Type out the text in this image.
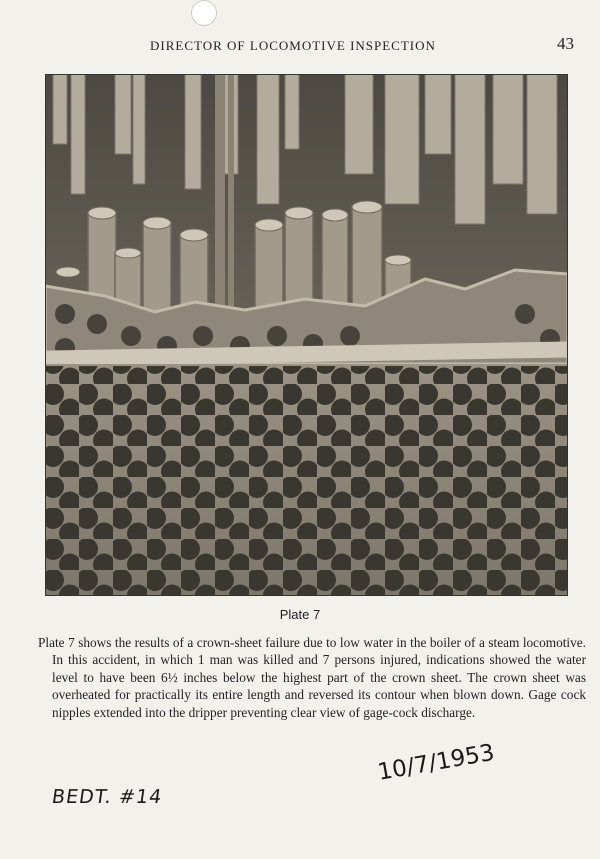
DIRECTOR OF LOCOMOTIVE INSPECTION	43
Plate 7

Plate 7 shows the results of a crown-sheet failure due to low water in the boiler of a steam locomotive. In this accident, in which 1 man was killed and 7 persons injured, indications showed the water level to have been 6½ inches below the highest part of the crown sheet. The crown sheet was overheated for practically its entire length and reversed its contour when blown down. Gage cock nipples extended into the dripper preventing clear view of gage-cock discharge.

BEDT. #14
10/7/1953
